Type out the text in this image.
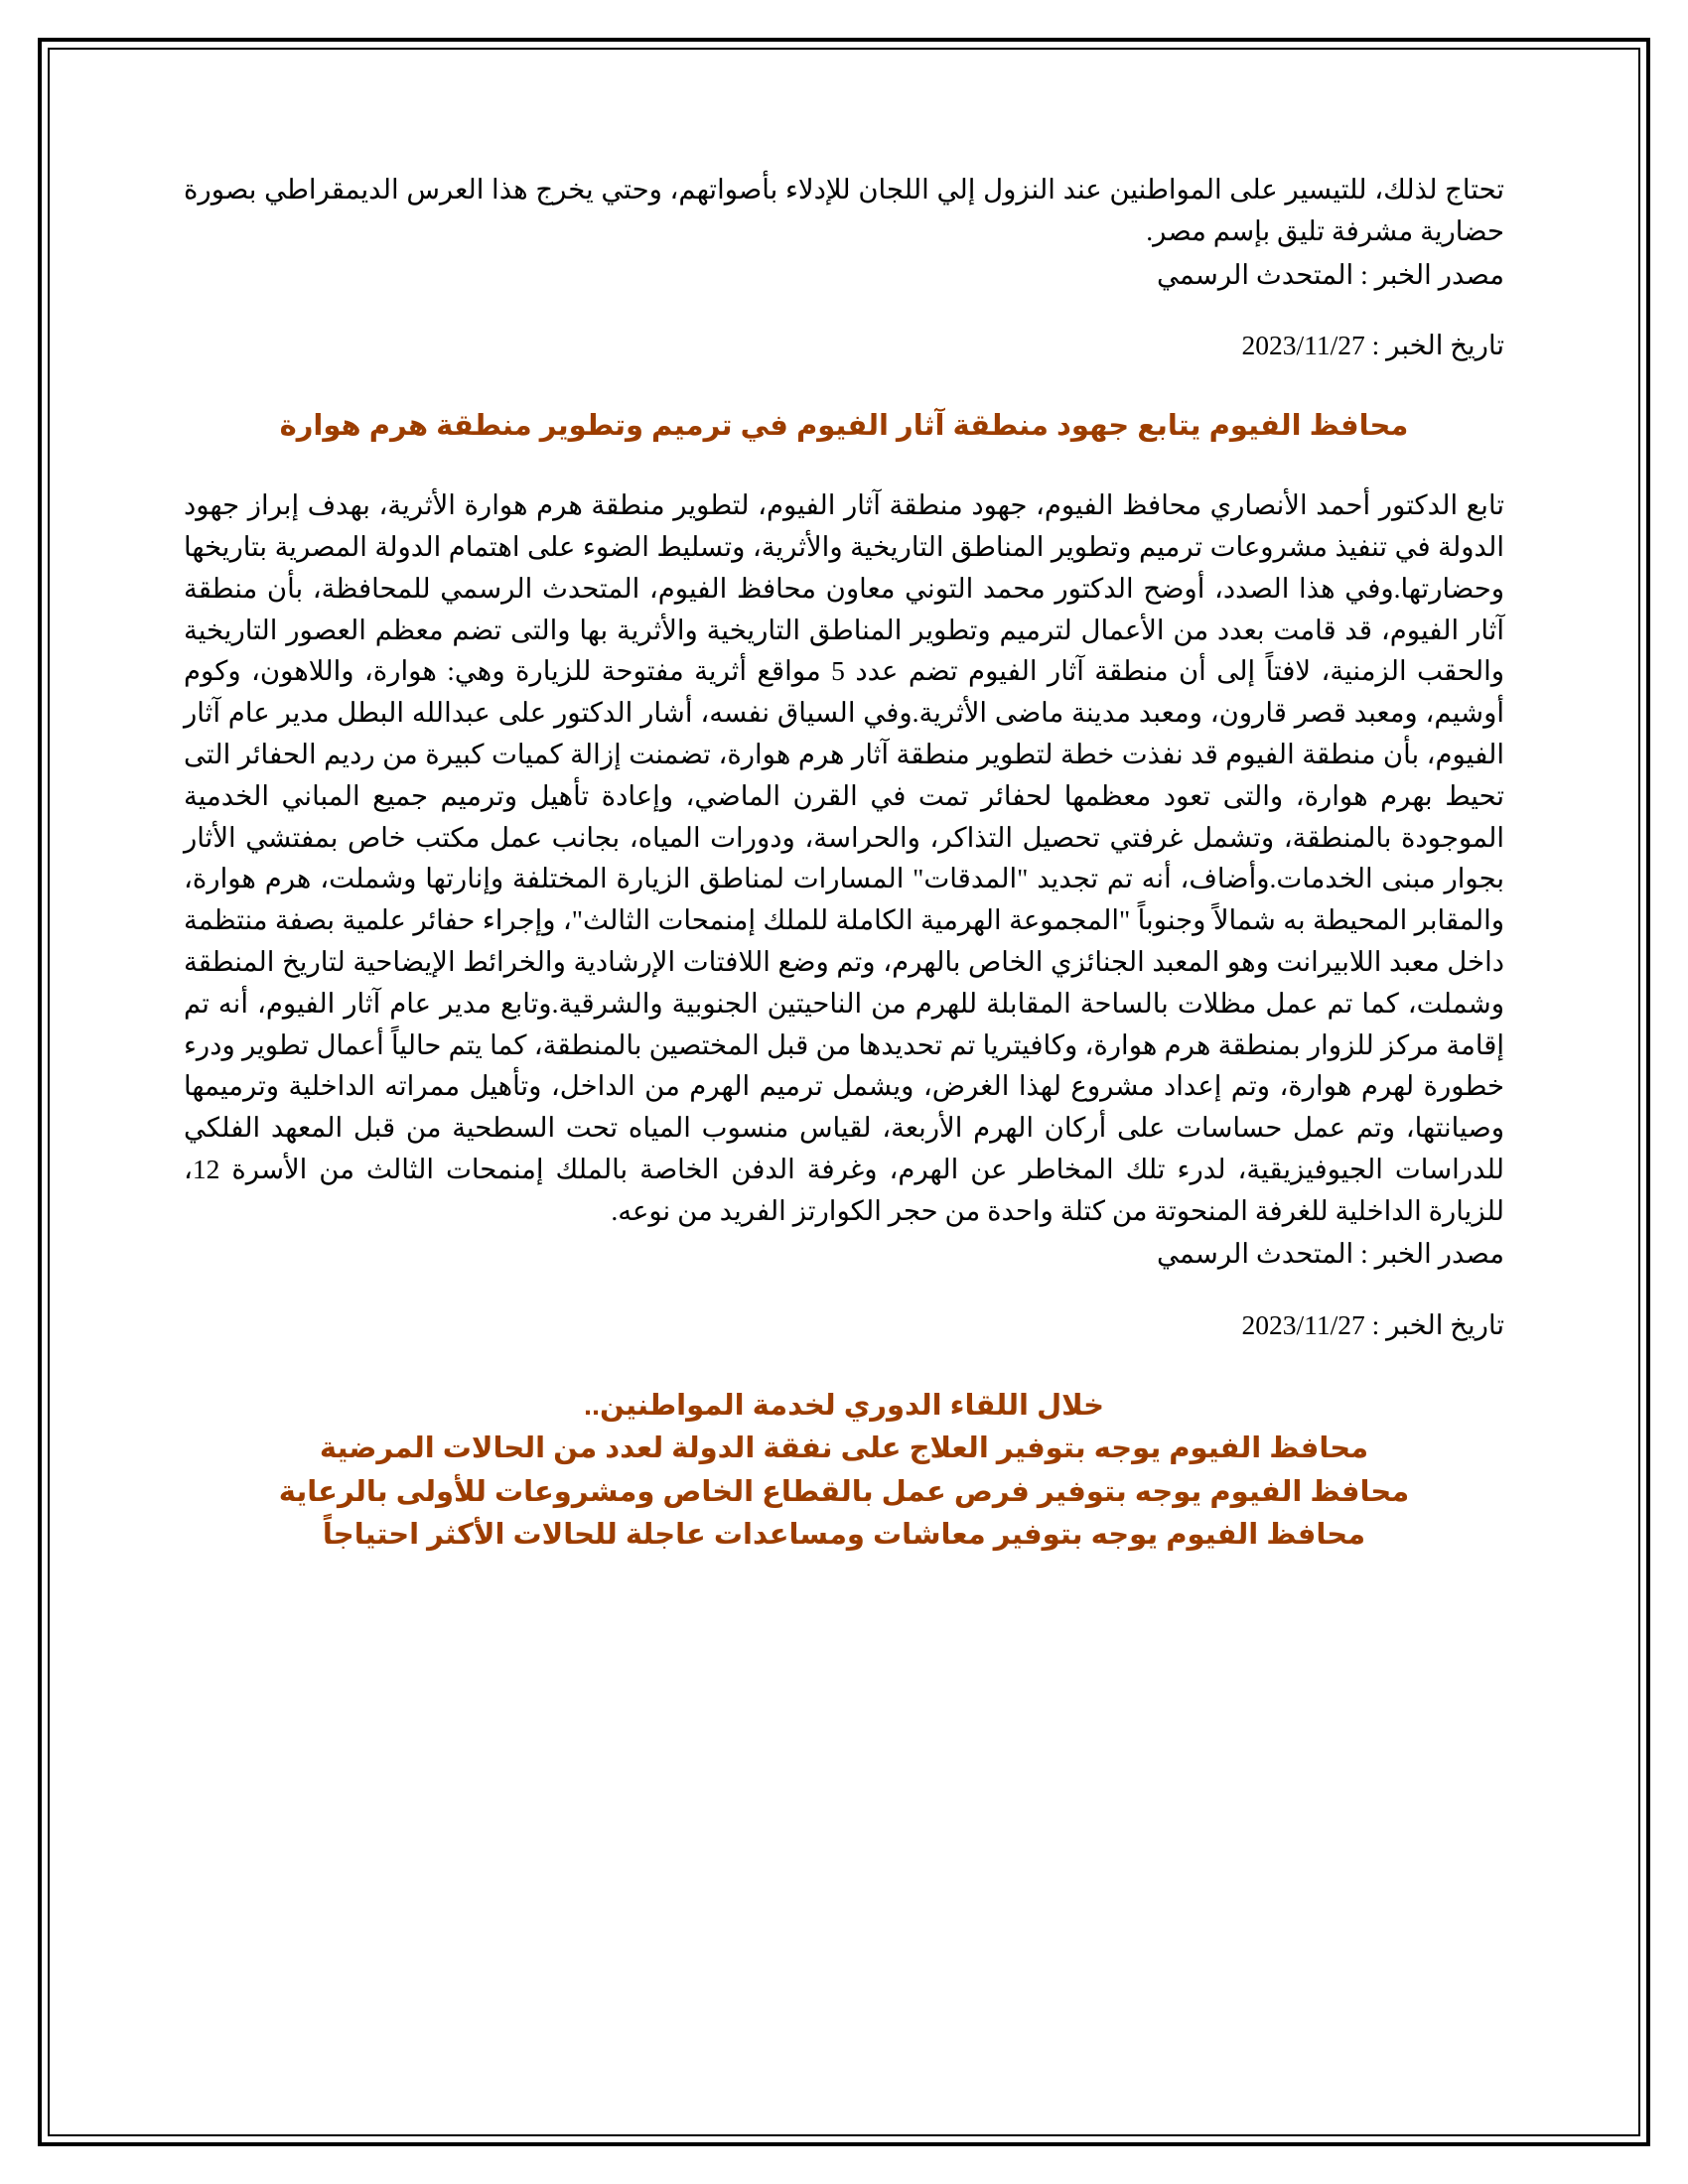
تحتاج لذلك، للتيسير على المواطنين عند النزول إلي اللجان للإدلاء بأصواتهم، وحتي يخرج هذا العرس الديمقراطي بصورة حضارية مشرفة تليق بإسم مصر.

مصدر الخبر : المتحدث الرسمي

تاريخ الخبر : 2023/11/27

محافظ الفيوم يتابع جهود منطقة آثار الفيوم في ترميم وتطوير منطقة هرم هوارة

تابع الدكتور أحمد الأنصاري محافظ الفيوم، جهود منطقة آثار الفيوم، لتطوير منطقة هرم هوارة الأثرية، بهدف إبراز جهود الدولة في تنفيذ مشروعات ترميم وتطوير المناطق التاريخية والأثرية، وتسليط الضوء على اهتمام الدولة المصرية بتاريخها وحضارتها.وفي هذا الصدد، أوضح الدكتور محمد التوني معاون محافظ الفيوم، المتحدث الرسمي للمحافظة، بأن منطقة آثار الفيوم، قد قامت بعدد من الأعمال لترميم وتطوير المناطق التاريخية والأثرية بها والتى تضم معظم العصور التاريخية والحقب الزمنية، لافتاً إلى أن منطقة آثار الفيوم تضم عدد 5 مواقع أثرية مفتوحة للزيارة وهي: هوارة، واللاهون، وكوم أوشيم، ومعبد قصر قارون، ومعبد مدينة ماضى الأثرية.وفي السياق نفسه، أشار الدكتور على عبدالله البطل مدير عام آثار الفيوم، بأن منطقة الفيوم قد نفذت خطة لتطوير منطقة آثار هرم هوارة، تضمنت إزالة كميات كبيرة من رديم الحفائر التى تحيط بهرم هوارة، والتى تعود معظمها لحفائر تمت في القرن الماضي، وإعادة تأهيل وترميم جميع المباني الخدمية الموجودة بالمنطقة، وتشمل غرفتي تحصيل التذاكر، والحراسة، ودورات المياه، بجانب عمل مكتب خاص بمفتشي الأثار بجوار مبنى الخدمات.وأضاف، أنه تم تجديد "المدقات" المسارات لمناطق الزيارة المختلفة وإنارتها وشملت، هرم هوارة، والمقابر المحيطة به شمالاً وجنوباً "المجموعة الهرمية الكاملة للملك إمنمحات الثالث"، وإجراء حفائر علمية بصفة منتظمة داخل معبد اللابيرانت وهو المعبد الجنائزي الخاص بالهرم، وتم وضع اللافتات الإرشادية والخرائط الإيضاحية لتاريخ المنطقة وشملت، كما تم عمل مظلات بالساحة المقابلة للهرم من الناحيتين الجنوبية والشرقية.وتابع مدير عام آثار الفيوم، أنه تم إقامة مركز للزوار بمنطقة هرم هوارة، وكافيتريا تم تحديدها من قبل المختصين بالمنطقة، كما يتم حالياً أعمال تطوير ودرء خطورة لهرم هوارة، وتم إعداد مشروع لهذا الغرض، ويشمل ترميم الهرم من الداخل، وتأهيل ممراته الداخلية وترميمها وصيانتها، وتم عمل حساسات على أركان الهرم الأربعة، لقياس منسوب المياه تحت السطحية من قبل المعهد الفلكي للدراسات الجيوفيزيقية، لدرء تلك المخاطر عن الهرم، وغرفة الدفن الخاصة بالملك إمنمحات الثالث من الأسرة 12، للزيارة الداخلية للغرفة المنحوتة من كتلة واحدة من حجر الكوارتز الفريد من نوعه.

مصدر الخبر : المتحدث الرسمي

تاريخ الخبر : 2023/11/27

خلال اللقاء الدوري لخدمة المواطنين..
محافظ الفيوم يوجه بتوفير العلاج على نفقة الدولة لعدد من الحالات المرضية
محافظ الفيوم يوجه بتوفير فرص عمل بالقطاع الخاص ومشروعات للأولى بالرعاية
محافظ الفيوم يوجه بتوفير معاشات ومساعدات عاجلة للحالات الأكثر احتياجاً
